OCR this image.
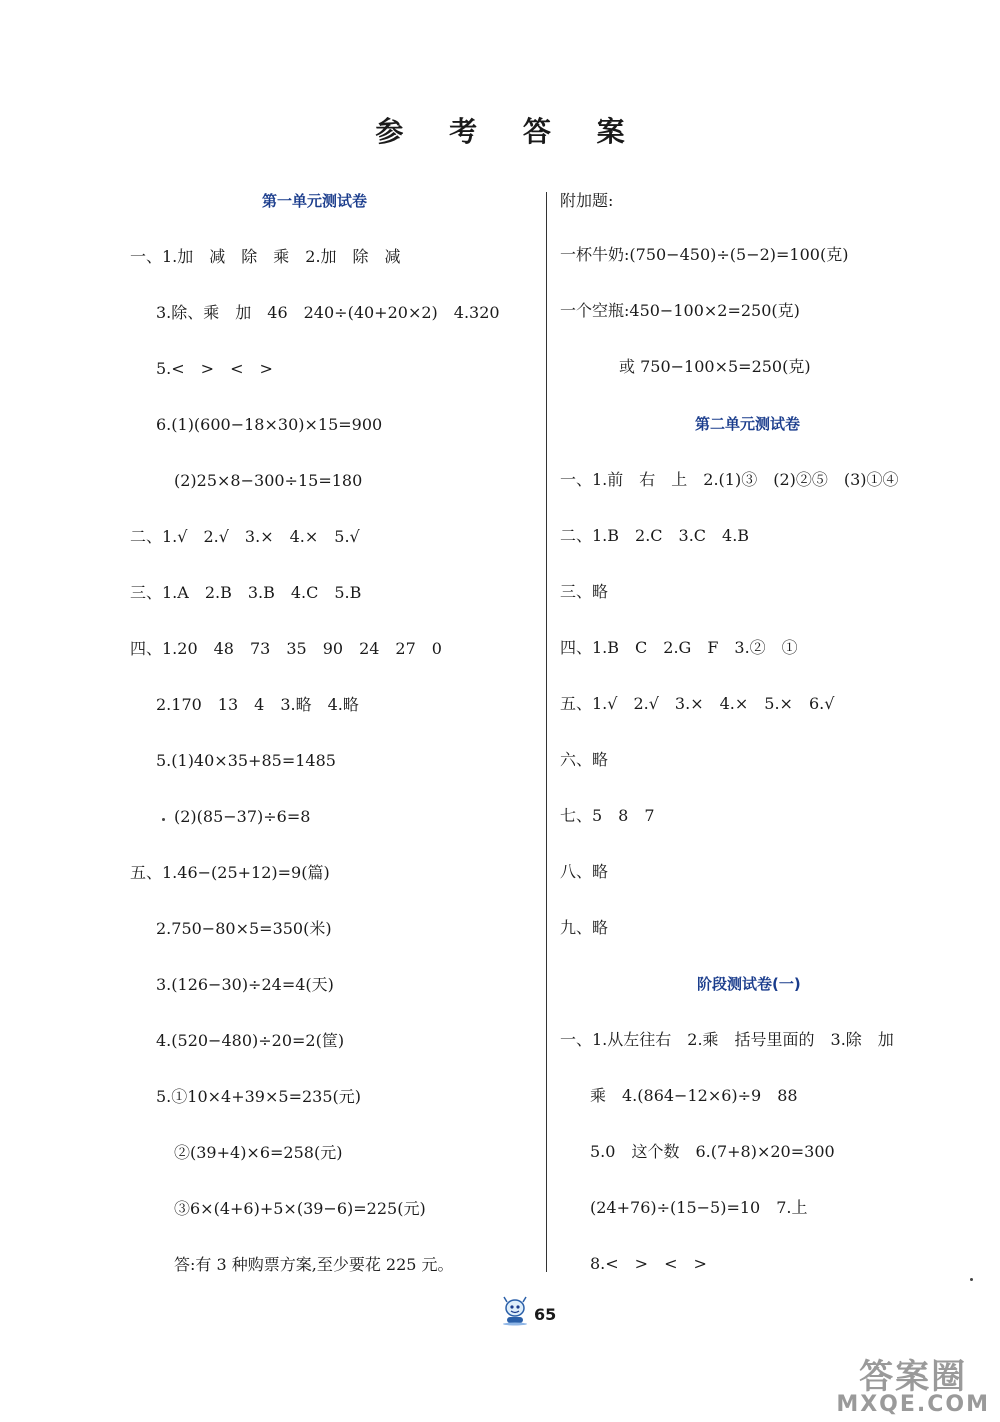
参 考 答 案
第一单元测试卷
一、1.加　减　除　乘　2.加　除　减
3.除、乘　加　46　240÷(40+20×2)　4.320
5.<　>　<　>
6.(1)(600−18×30)×15=900
(2)25×8−300÷15=180
二、1.√　2.√　3.×　4.×　5.√
三、1.A　2.B　3.B　4.C　5.B
四、1.20　48　73　35　90　24　27　0
2.170　13　4　3.略　4.略
5.(1)40×35+85=1485
(2)(85−37)÷6=8
五、1.46−(25+12)=9(篇)
2.750−80×5=350(米)
3.(126−30)÷24=4(天)
4.(520−480)÷20=2(筐)
5.①10×4+39×5=235(元)
②(39+4)×6=258(元)
③6×(4+6)+5×(39−6)=225(元)
答:有 3 种购票方案,至少要花 225 元。
附加题:
一杯牛奶:(750−450)÷(5−2)=100(克)
一个空瓶:450−100×2=250(克)
或 750−100×5=250(克)
第二单元测试卷
一、1.前　右　上　2.(1)③　(2)②⑤　(3)①④
二、1.B　2.C　3.C　4.B
三、略
四、1.B　C　2.G　F　3.②　①
五、1.√　2.√　3.×　4.×　5.×　6.√
六、略
七、5　8　7
八、略
九、略
阶段测试卷(一)
一、1.从左往右　2.乘　括号里面的　3.除　加
乘　4.(864−12×6)÷9　88
5.0　这个数　6.(7+8)×20=300
(24+76)÷(15−5)=10　7.上
8.<　>　<　>
65
答案圈
MXQE.COM
